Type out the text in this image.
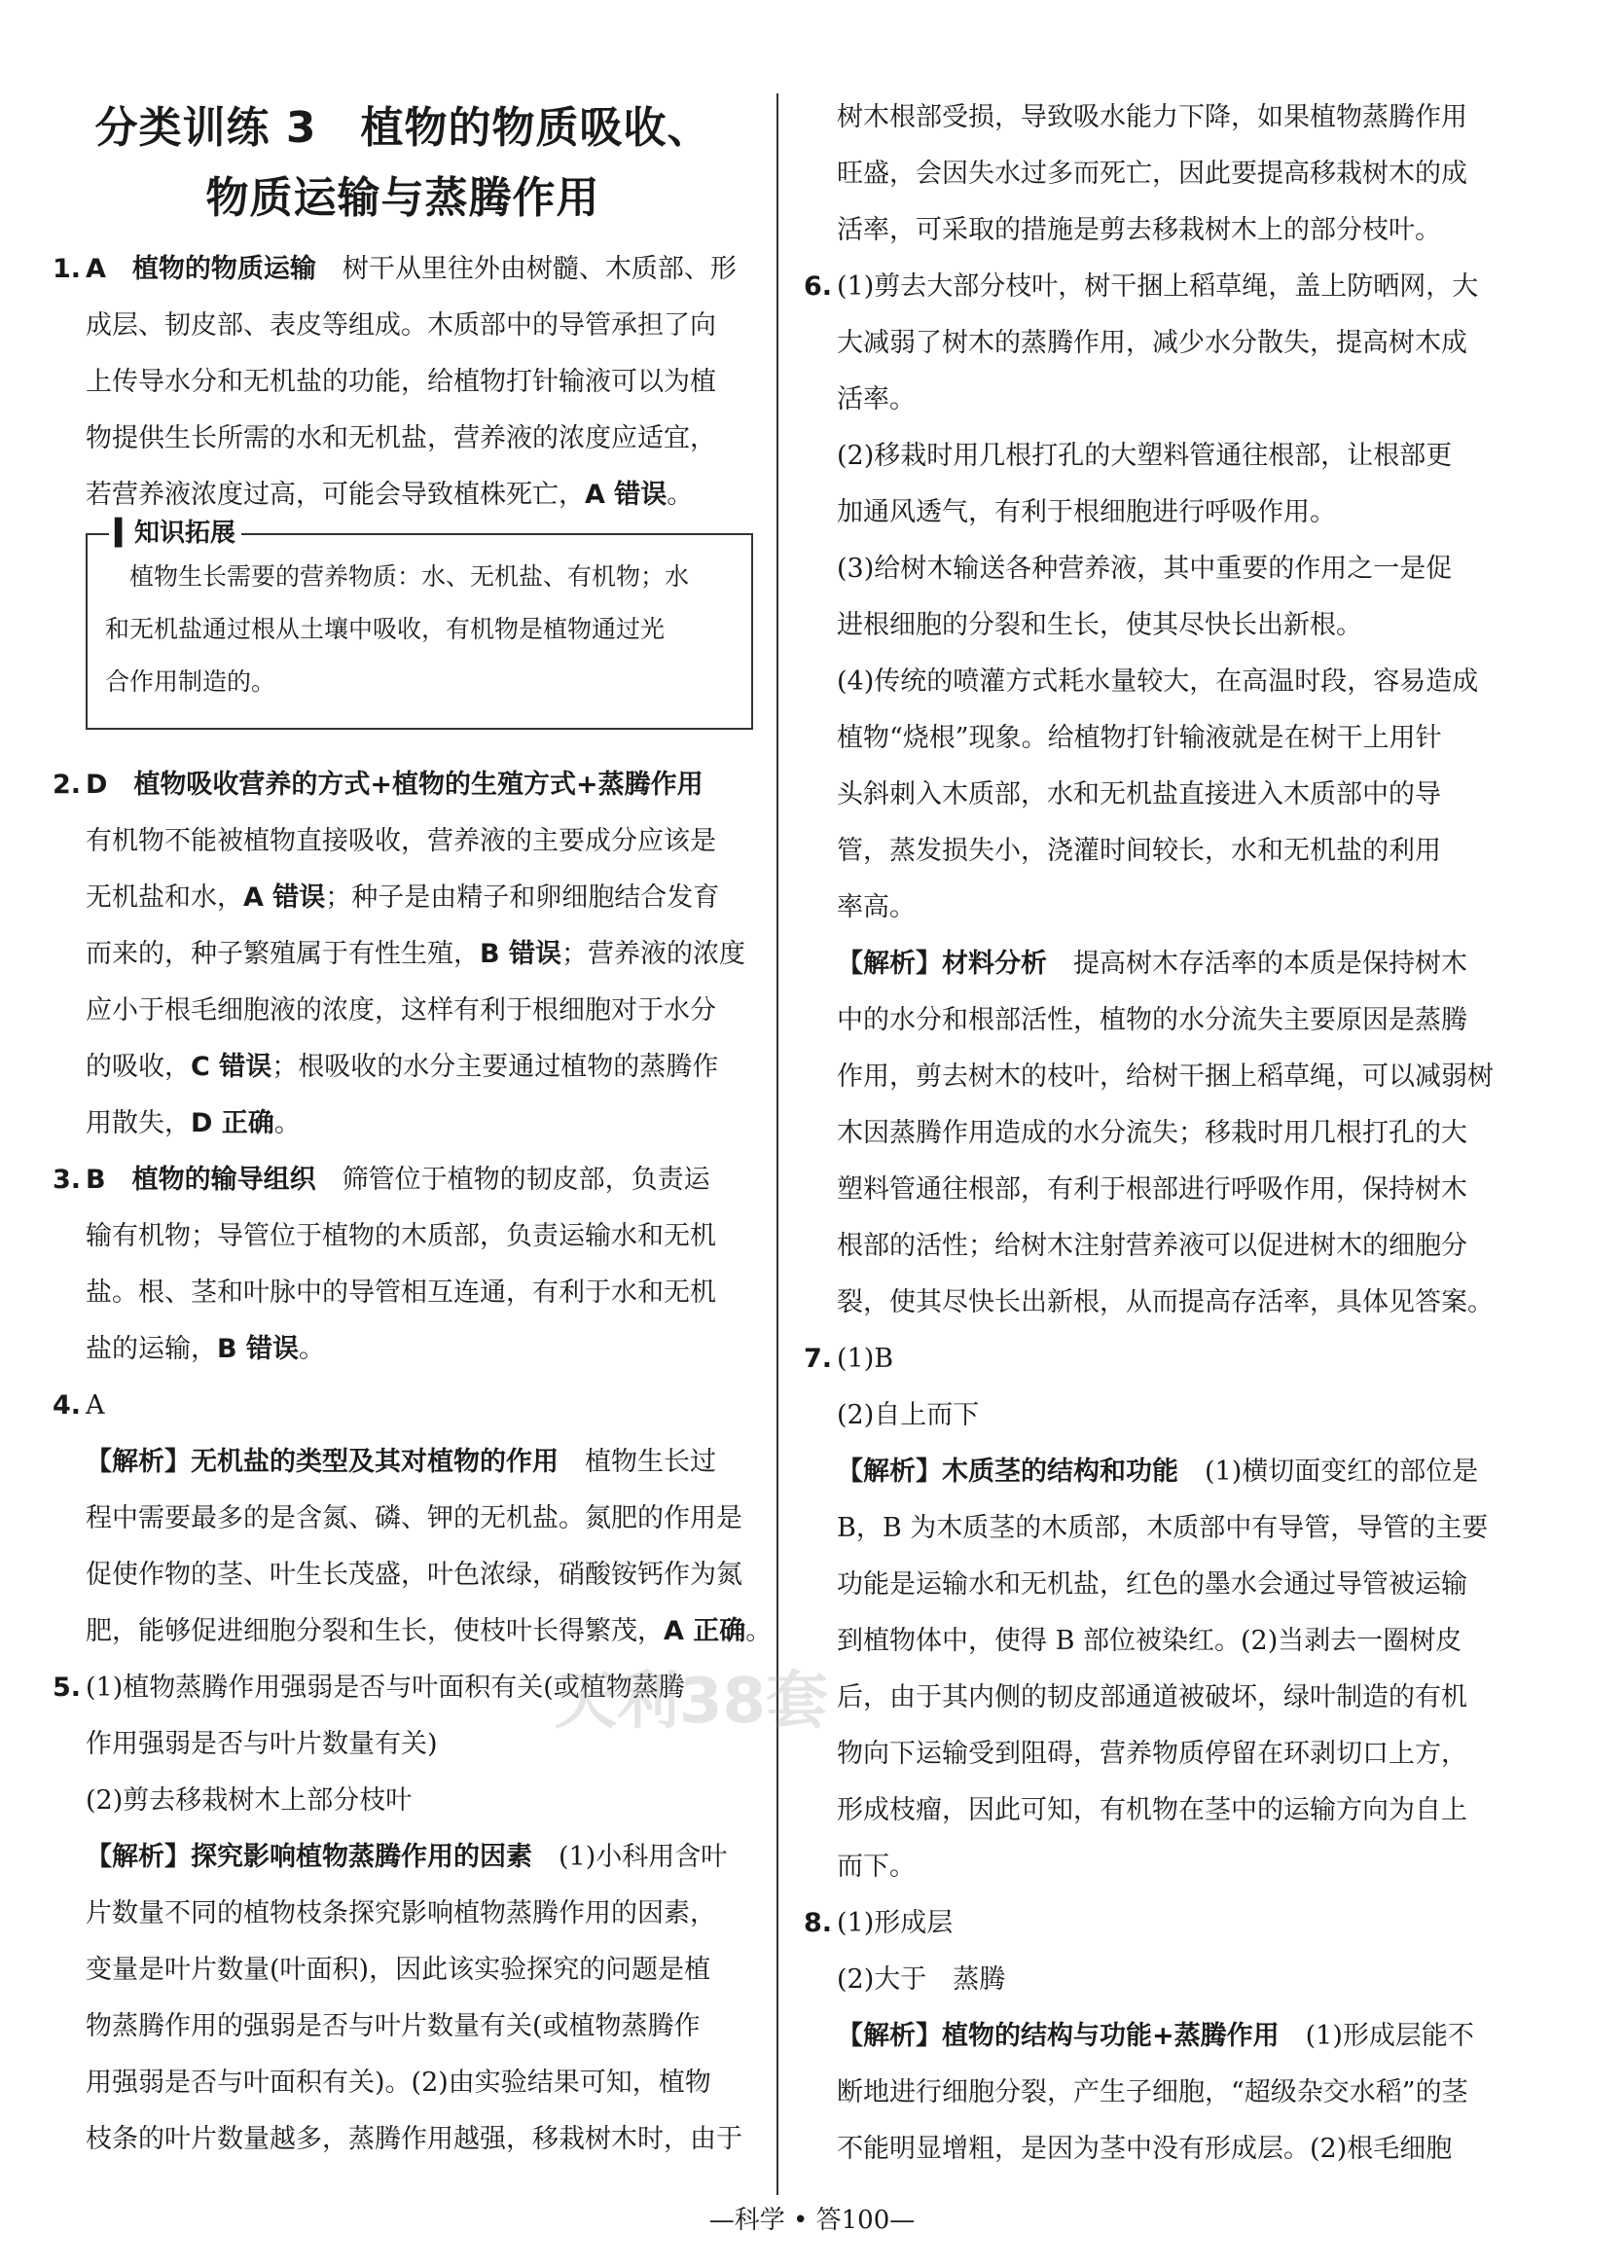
分类训练 3　植物的物质吸收、
物质运输与蒸腾作用
1. A　植物的物质运输　树干从里往外由树髓、木质部、形
成层、韧皮部、表皮等组成。木质部中的导管承担了向
上传导水分和无机盐的功能，给植物打针输液可以为植
物提供生长所需的水和无机盐，营养液的浓度应适宜，
若营养液浓度过高，可能会导致植株死亡，A 错误。
▍知识拓展
　植物生长需要的营养物质：水、无机盐、有机物；水
和无机盐通过根从土壤中吸收，有机物是植物通过光
合作用制造的。
2. D　植物吸收营养的方式+植物的生殖方式+蒸腾作用
有机物不能被植物直接吸收，营养液的主要成分应该是
无机盐和水，A 错误；种子是由精子和卵细胞结合发育
而来的，种子繁殖属于有性生殖，B 错误；营养液的浓度
应小于根毛细胞液的浓度，这样有利于根细胞对于水分
的吸收，C 错误；根吸收的水分主要通过植物的蒸腾作
用散失，D 正确。
3. B　植物的输导组织　筛管位于植物的韧皮部，负责运
输有机物；导管位于植物的木质部，负责运输水和无机
盐。根、茎和叶脉中的导管相互连通，有利于水和无机
盐的运输，B 错误。
4. A
【解析】无机盐的类型及其对植物的作用　植物生长过
程中需要最多的是含氮、磷、钾的无机盐。氮肥的作用是
促使作物的茎、叶生长茂盛，叶色浓绿，硝酸铵钙作为氮
肥，能够促进细胞分裂和生长，使枝叶长得繁茂，A 正确。
5. (1)植物蒸腾作用强弱是否与叶面积有关(或植物蒸腾
作用强弱是否与叶片数量有关)
(2)剪去移栽树木上部分枝叶
【解析】探究影响植物蒸腾作用的因素　(1)小科用含叶
片数量不同的植物枝条探究影响植物蒸腾作用的因素，
变量是叶片数量(叶面积)，因此该实验探究的问题是植
物蒸腾作用的强弱是否与叶片数量有关(或植物蒸腾作
用强弱是否与叶面积有关)。(2)由实验结果可知，植物
枝条的叶片数量越多，蒸腾作用越强，移栽树木时，由于
树木根部受损，导致吸水能力下降，如果植物蒸腾作用
旺盛，会因失水过多而死亡，因此要提高移栽树木的成
活率，可采取的措施是剪去移栽树木上的部分枝叶。
6. (1)剪去大部分枝叶，树干捆上稻草绳，盖上防晒网，大
大减弱了树木的蒸腾作用，减少水分散失，提高树木成
活率。
(2)移栽时用几根打孔的大塑料管通往根部，让根部更
加通风透气，有利于根细胞进行呼吸作用。
(3)给树木输送各种营养液，其中重要的作用之一是促
进根细胞的分裂和生长，使其尽快长出新根。
(4)传统的喷灌方式耗水量较大，在高温时段，容易造成
植物“烧根”现象。给植物打针输液就是在树干上用针
头斜刺入木质部，水和无机盐直接进入木质部中的导
管，蒸发损失小，浇灌时间较长，水和无机盐的利用
率高。
【解析】材料分析　提高树木存活率的本质是保持树木
中的水分和根部活性，植物的水分流失主要原因是蒸腾
作用，剪去树木的枝叶，给树干捆上稻草绳，可以减弱树
木因蒸腾作用造成的水分流失；移栽时用几根打孔的大
塑料管通往根部，有利于根部进行呼吸作用，保持树木
根部的活性；给树木注射营养液可以促进树木的细胞分
裂，使其尽快长出新根，从而提高存活率，具体见答案。
7. (1)B
(2)自上而下
【解析】木质茎的结构和功能　(1)横切面变红的部位是
B，B 为木质茎的木质部，木质部中有导管，导管的主要
功能是运输水和无机盐，红色的墨水会通过导管被运输
到植物体中，使得 B 部位被染红。(2)当剥去一圈树皮
后，由于其内侧的韧皮部通道被破坏，绿叶制造的有机
物向下运输受到阻碍，营养物质停留在环剥切口上方，
形成枝瘤，因此可知，有机物在茎中的运输方向为自上
而下。
8. (1)形成层
(2)大于　蒸腾
【解析】植物的结构与功能+蒸腾作用　(1)形成层能不
断地进行细胞分裂，产生子细胞，“超级杂交水稻”的茎
不能明显增粗，是因为茎中没有形成层。(2)根毛细胞
天利38套
—科学 • 答100—
